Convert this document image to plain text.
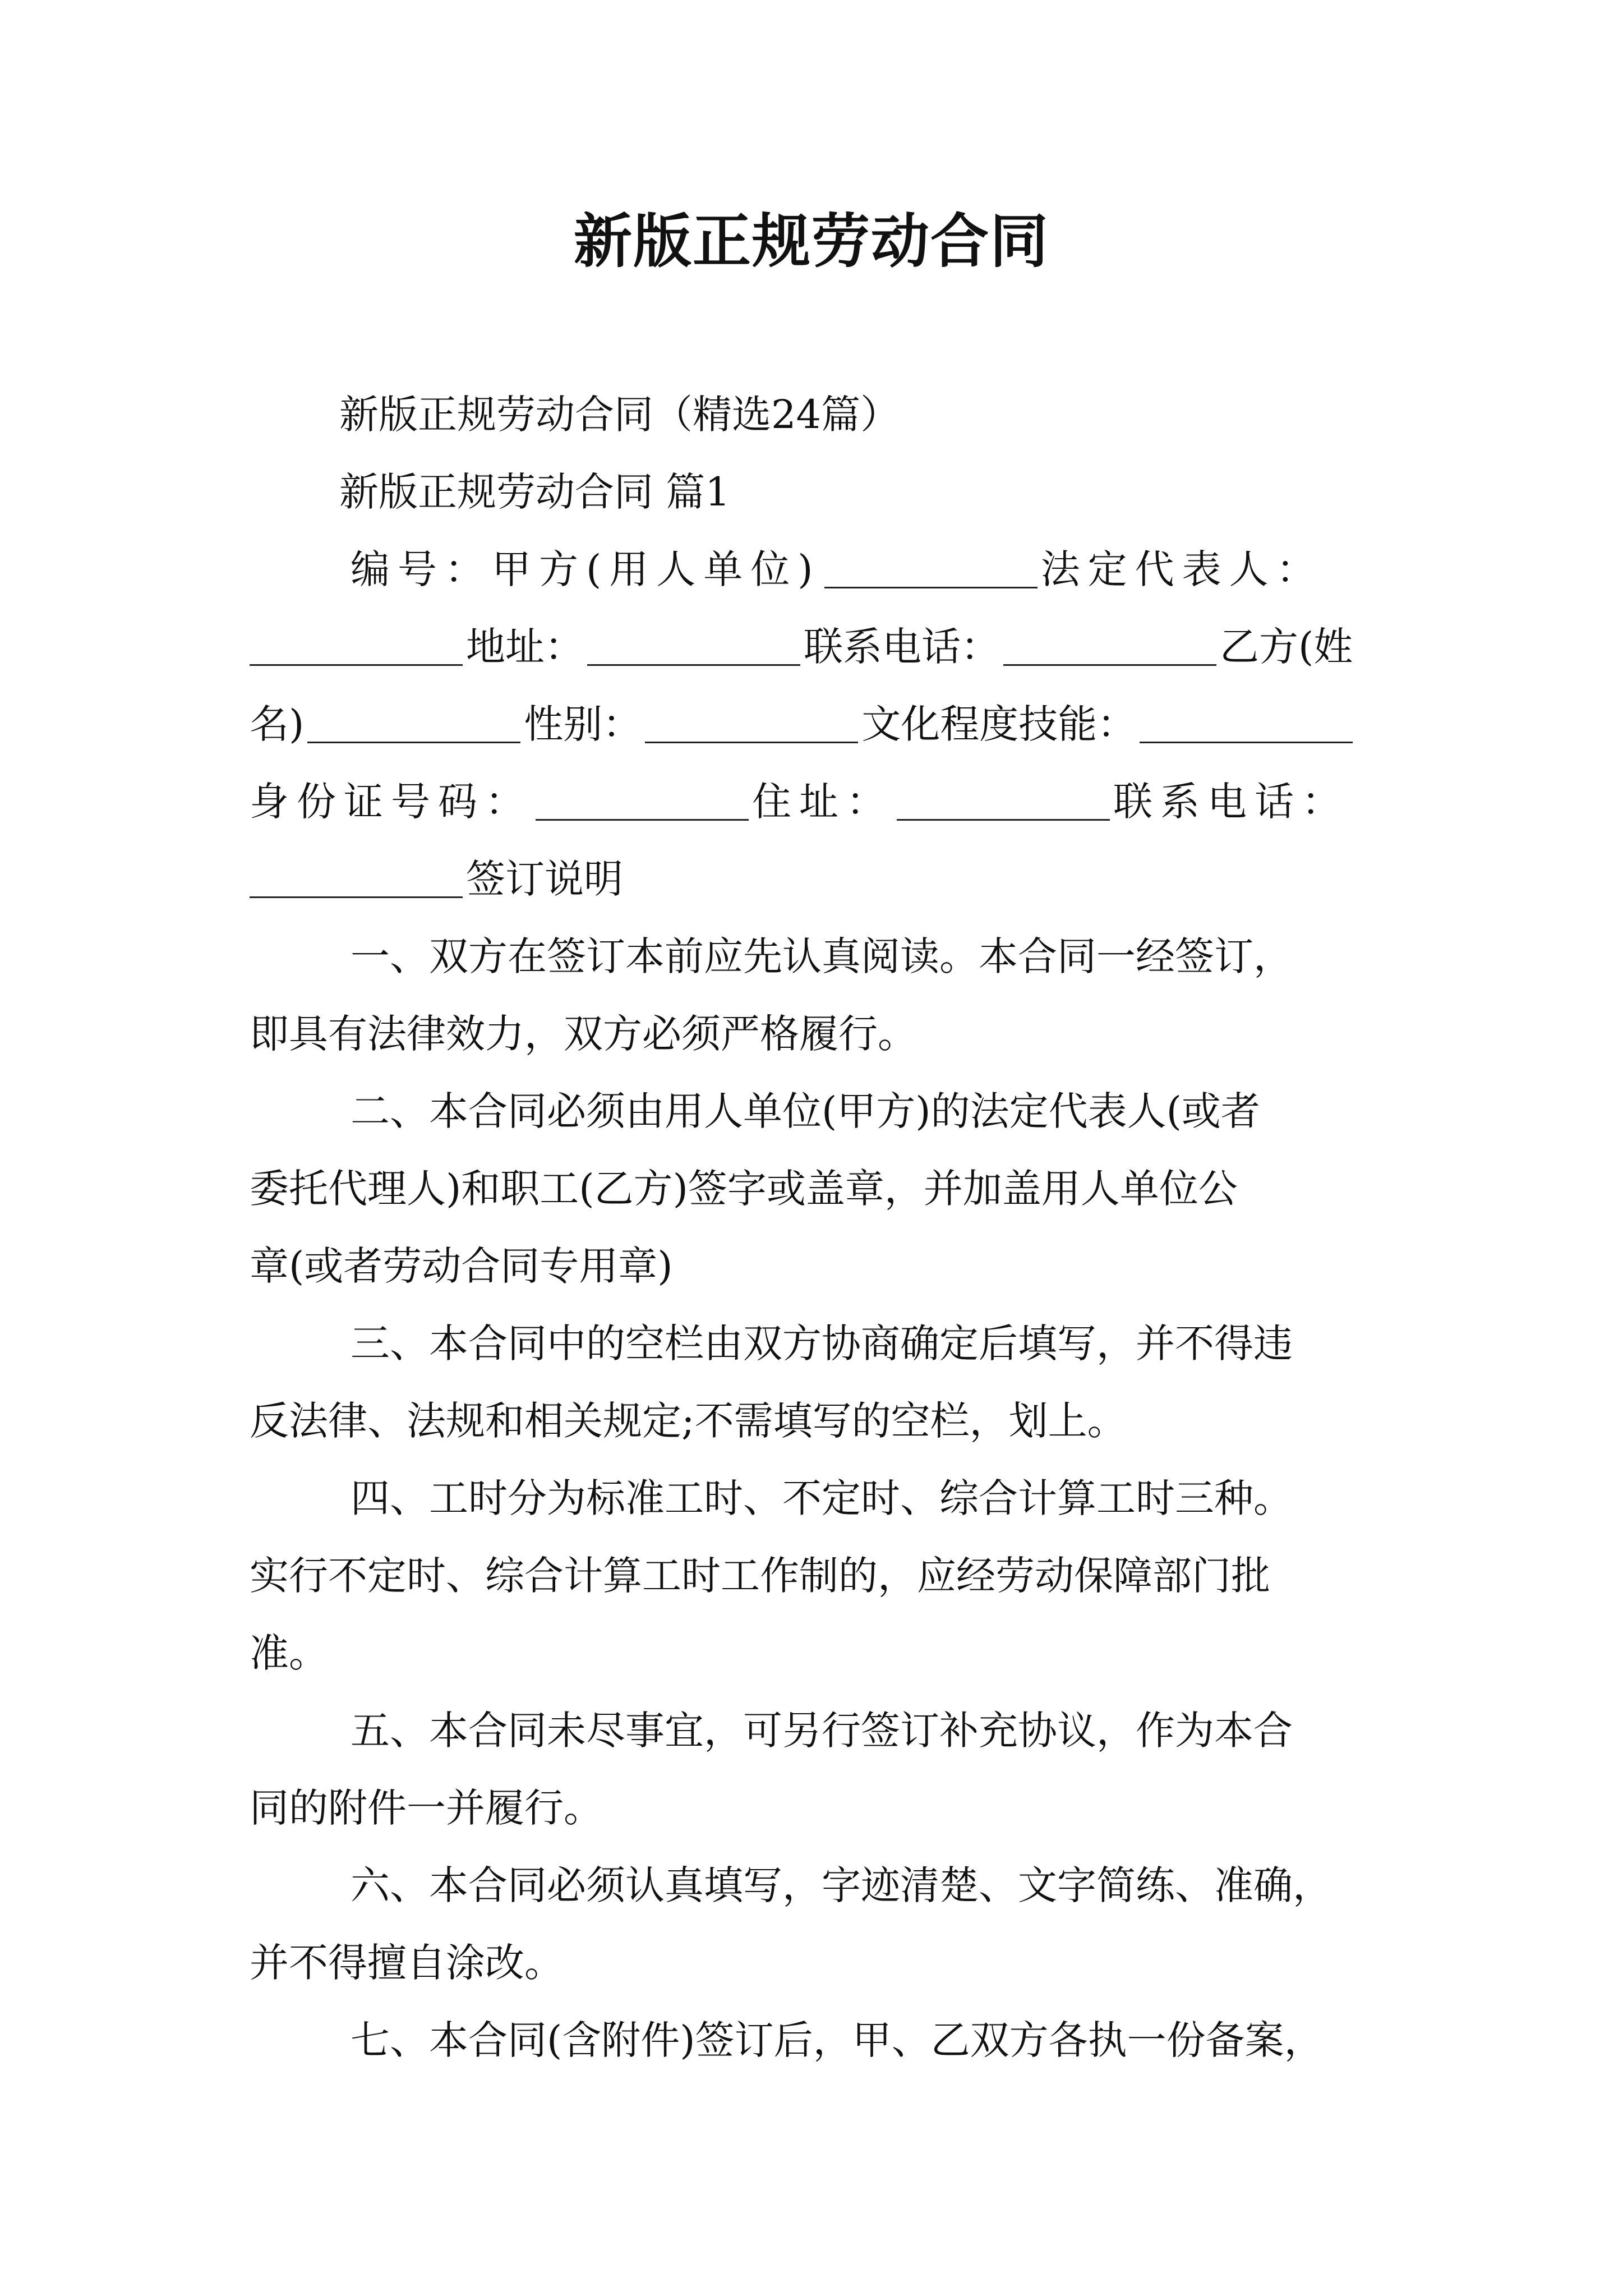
新版正规劳动合同

新版正规劳动合同（精选24篇）

新版正规劳动合同 篇1

编号：甲方(用人单位)	法定代表人：

地址：	联系电话：	乙方(姓

名)	性别：	文化程度技能：

身份证号码：	住址：	联系电话：

签订说明

一、双方在签订本前应先认真阅读。本合同一经签订，

即具有法律效力，双方必须严格履行。

二、本合同必须由用人单位(甲方)的法定代表人(或者

委托代理人)和职工(乙方)签字或盖章，并加盖用人单位公

章(或者劳动合同专用章)

三、本合同中的空栏由双方协商确定后填写，并不得违

反法律、法规和相关规定;不需填写的空栏，划上。

四、工时分为标准工时、不定时、综合计算工时三种。

实行不定时、综合计算工时工作制的，应经劳动保障部门批

准。

五、本合同未尽事宜，可另行签订补充协议，作为本合

同的附件一并履行。

六、本合同必须认真填写，字迹清楚、文字简练、准确，

并不得擅自涂改。

七、本合同(含附件)签订后，甲、乙双方各执一份备案，
